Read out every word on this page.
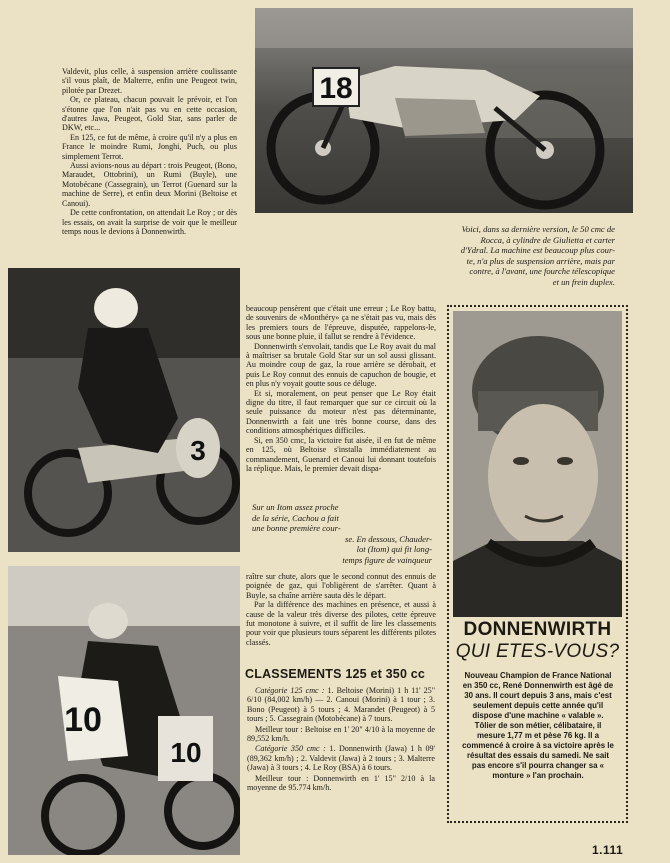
18

Valdevit, plus celle, à suspension arrière coulissante s'il vous plaît, de Malterre, enfin une Peugeot twin, pilotée par Drezet.

Or, ce plateau, chacun pouvait le prévoir, et l'on s'étonne que l'on n'ait pas vu en cette occasion, d'autres Jawa, Peugeot, Gold Star, sans parler de DKW, etc...

En 125, ce fut de même, à croire qu'il n'y a plus en France le moindre Rumi, Jonghi, Puch, ou plus simplement Terrot.

Aussi avions-nous au départ : trois Peugeot, (Bono, Maraudet, Ottobrini), un Rumi (Buyle), une Motobécane (Cassegrain), un Terrot (Guenard sur la machine de Serre), et enfin deux Morini (Beltoise et Canoui).

De cette confrontation, on attendait Le Roy ; or dès les essais, on avait la surprise de voir que le meilleur temps nous le devions à Donnenwirth.	Voici, dans sa dernière version, le 50 cmc de
Rocca, à cylindre de Giulietta et carter
d'Ydral. La machine est beaucoup plus cour-
te, n'a plus de suspension arrière, mais par
contre, à l'avant, une fourche télescopique
et un frein duplex.
3
10
10

beaucoup pensèrent que c'était une erreur ; Le Roy battu, de souvenirs de «Monthéry» ça ne s'était pas vu, mais dès les premiers tours de l'épreuve, disputée, rappelons-le, sous une bonne pluie, il fallut se rendre à l'évidence.

Donnenwirth s'envolait, tandis que Le Roy avait du mal à maîtriser sa brutale Gold Star sur un sol aussi glissant. Au moindre coup de gaz, la roue arrière se dérobait, et puis Le Roy connut des ennuis de capuchon de bougie, et en plus n'y voyait goutte sous ce déluge.

Et si, moralement, on peut penser que Le Roy était digne du titre, il faut remarquer que sur ce circuit où la seule puissance du moteur n'est pas déterminante, Donnenwirth a fait une très bonne course, dans des conditions atmosphériques difficiles.

Si, en 350 cmc, la victoire fut aisée, il en fut de même en 125, où Beltoise s'installa immédiatement au commandement, Guenard et Canoui lui donnant toutefois la réplique. Mais, le premier devait dispa-

Sur un Itom assez proche
de la série, Cachou a fait
une bonne première cour-
se. En dessous, Chauder-
lot (Itom) qui fit long-
temps figure de vainqueur

raître sur chute, alors que le second connut des ennuis de poignée de gaz, qui l'obligèrent de s'arrêter. Quant à Buyle, sa chaîne arrière sauta dès le départ.

Par la différence des machines en présence, et aussi à cause de la valeur très diverse des pilotes, cette épreuve fut monotone à suivre, et il suffit de lire les classements pour voir que plusieurs tours séparent les différents pilotes classés.

CLASSEMENTS 125 et 350 cc

Catégorie 125 cmc : 1. Beltoise (Morini) 1 h 11' 25" 6/10 (84,002 km/h) — 2. Canoui (Morini) à 1 tour ; 3. Bono (Peugeot) à 5 tours ; 4. Marandet (Peugeot) à 5 tours ; 5. Cassegrain (Motobécane) à 7 tours.

Meilleur tour : Beltoise en 1' 20" 4/10 à la moyenne de 89,552 km/h.

Catégorie 350 cmc : 1. Donnenwirth (Jawa) 1 h 09' (89,362 km/h) ; 2. Valdevit (Jawa) à 2 tours ; 3. Malterre (Jawa) à 3 tours ; 4. Le Roy (BSA) à 6 tours.

Meilleur tour : Donnenwirth en 1' 15" 2/10 à la moyenne de 95.774 km/h.

DONNENWIRTH
QUI ETES-VOUS?
Nouveau Champion de France National en 350 cc, René Donnenwirth est âgé de 30 ans. Il court depuis 3 ans, mais c'est seulement depuis cette année qu'il dispose d'une machine « valable ». Tôlier de son métier, célibataire, il mesure 1,77 m et pèse 76 kg. Il a commencé à croire à sa victoire après le résultat des essais du samedi. Ne sait pas encore s'il pourra changer sa « monture » l'an prochain.
1.111
